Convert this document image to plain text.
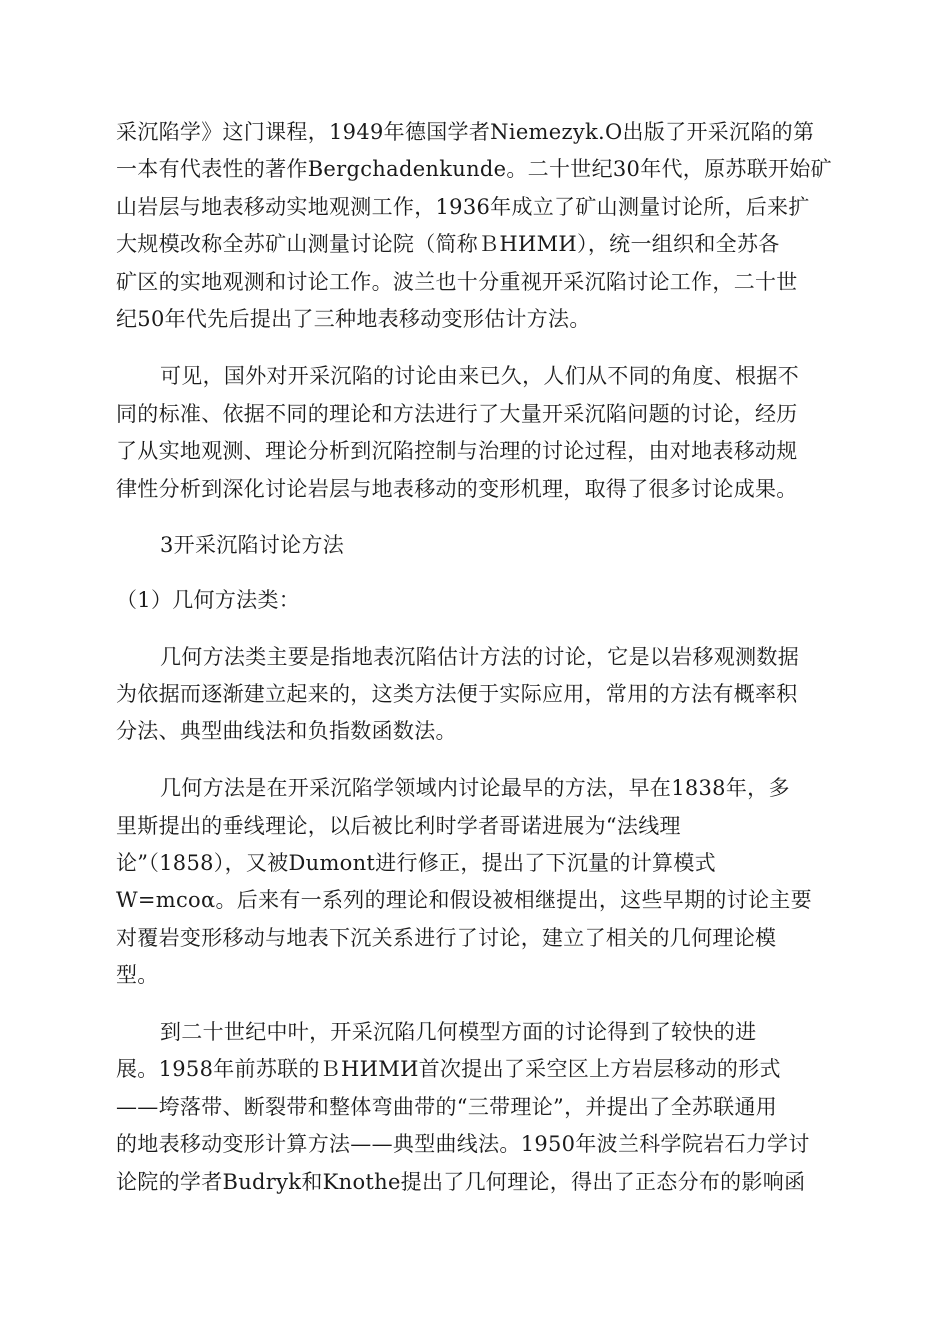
采沉陷学》这门课程，1949年德国学者Niemezyk.O出版了开采沉陷的第
一本有代表性的著作Bergchadenkunde。二十世纪30年代，原苏联开始矿
山岩层与地表移动实地观测工作，1936年成立了矿山测量讨论所，后来扩
大规模改称全苏矿山测量讨论院（简称ＢНИМИ），统一组织和全苏各
矿区的实地观测和讨论工作。波兰也十分重视开采沉陷讨论工作，二十世
纪50年代先后提出了三种地表移动变形估计方法。
可见，国外对开采沉陷的讨论由来已久，人们从不同的角度、根据不
同的标准、依据不同的理论和方法进行了大量开采沉陷问题的讨论，经历
了从实地观测、理论分析到沉陷控制与治理的讨论过程，由对地表移动规
律性分析到深化讨论岩层与地表移动的变形机理，取得了很多讨论成果。
3开采沉陷讨论方法
（1）几何方法类：
几何方法类主要是指地表沉陷估计方法的讨论，它是以岩移观测数据
为依据而逐渐建立起来的，这类方法便于实际应用，常用的方法有概率积
分法、典型曲线法和负指数函数法。
几何方法是在开采沉陷学领域内讨论最早的方法，早在1838年，多
里斯提出的垂线理论，以后被比利时学者哥诺进展为“法线理
论”（1858），又被Dumont进行修正，提出了下沉量的计算模式
W=mcoα。后来有一系列的理论和假设被相继提出，这些早期的讨论主要
对覆岩变形移动与地表下沉关系进行了讨论，建立了相关的几何理论模
型。
到二十世纪中叶，开采沉陷几何模型方面的讨论得到了较快的进
展。1958年前苏联的ＢНИМИ首次提出了采空区上方岩层移动的形式
——垮落带、断裂带和整体弯曲带的“三带理论”，并提出了全苏联通用
的地表移动变形计算方法——典型曲线法。1950年波兰科学院岩石力学讨
论院的学者Budryk和Knothe提出了几何理论，得出了正态分布的影响函
